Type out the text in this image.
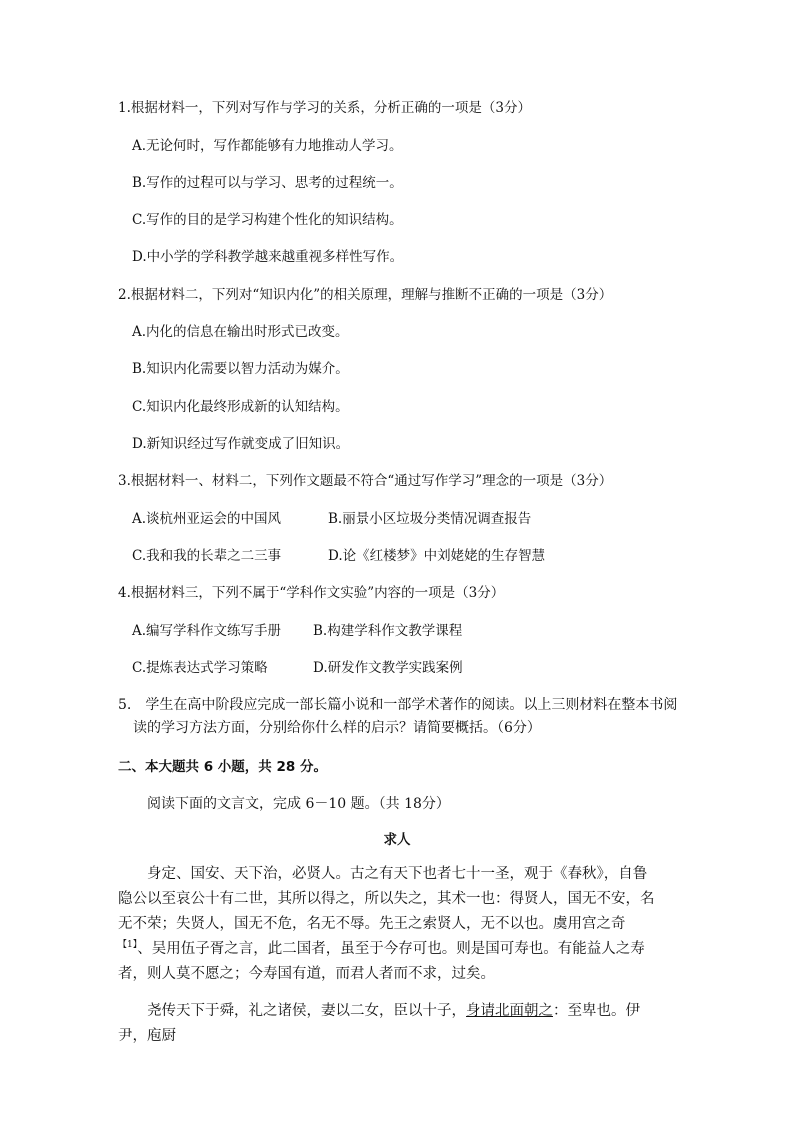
1.根据材料一，下列对写作与学习的关系，分析正确的一项是（3分）
A.无论何时，写作都能够有力地推动人学习。
B.写作的过程可以与学习、思考的过程统一。
C.写作的目的是学习构建个性化的知识结构。
D.中小学的学科教学越来越重视多样性写作。
2.根据材料二，下列对“知识内化”的相关原理，理解与推断不正确的一项是（3分）
A.内化的信息在输出时形式已改变。
B.知识内化需要以智力活动为媒介。
C.知识内化最终形成新的认知结构。
D.新知识经过写作就变成了旧知识。
3.根据材料一、材料二，下列作文题最不符合“通过写作学习”理念的一项是（3分）
A.谈杭州亚运会的中国风	B.丽景小区垃圾分类情况调查报告
C.我和我的长辈之二三事	D.论《红楼梦》中刘姥姥的生存智慧
4.根据材料三，下列不属于“学科作文实验”内容的一项是（3分）
A.编写学科作文练写手册 B.构建学科作文教学课程
C.提炼表达式学习策略	D.研发作文教学实践案例
5.　学生在高中阶段应完成一部长篇小说和一部学术著作的阅读。以上三则材料在整本书阅
读的学习方法方面，分别给你什么样的启示？请简要概括。（6分）
二、本大题共 6 小题，共 28 分。
阅读下面的文言文，完成 6－10 题。（共 18分）
求人

身定、国安、天下治，必贤人。古之有天下也者七十一圣，观于《春秋》，自鲁隐公以至哀公十有二世，其所以得之，所以失之，其术一也：得贤人，国无不安，名无不荣；失贤人，国无不危，名无不辱。先王之索贤人，无不以也。虞用宫之奇$^{【1】}$、吴用伍子胥之言，此二国者，虽至于今存可也。则是国可寿也。有能益人之寿者，则人莫不愿之；今寿国有道，而君人者而不求，过矣。

尧传天下于舜，礼之诸侯，妻以二女，臣以十子，身请北面朝之：至卑也。伊尹，庖厨
